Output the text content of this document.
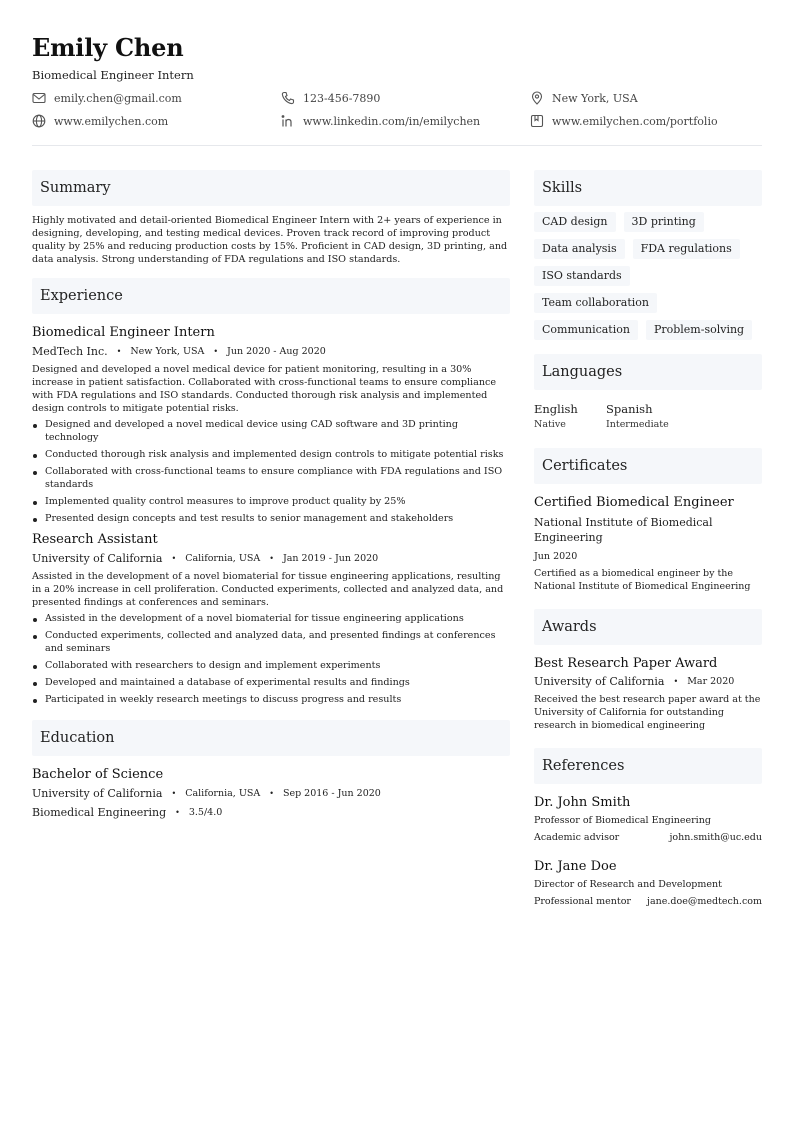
Emily Chen
Biomedical Engineer Intern
emily.chen@gmail.com	123-456-7890	New York, USA
www.emilychen.com	www.linkedin.com/in/emilychen	www.emilychen.com/portfolio
Summary

Highly motivated and detail-oriented Biomedical Engineer Intern with 2+ years of experience in designing, developing, and testing medical devices. Proven track record of improving product quality by 25% and reducing production costs by 15%. Proficient in CAD design, 3D printing, and data analysis. Strong understanding of FDA regulations and ISO standards.

Experience
Biomedical Engineer Intern
MedTech Inc. • New York, USA • Jun 2020 - Aug 2020

Designed and developed a novel medical device for patient monitoring, resulting in a 30% increase in patient satisfaction. Collaborated with cross-functional teams to ensure compliance with FDA regulations and ISO standards. Conducted thorough risk analysis and implemented design controls to mitigate potential risks.

Designed and developed a novel medical device using CAD software and 3D printing technology
Conducted thorough risk analysis and implemented design controls to mitigate potential risks
Collaborated with cross-functional teams to ensure compliance with FDA regulations and ISO standards
Implemented quality control measures to improve product quality by 25%
Presented design concepts and test results to senior management and stakeholders
Research Assistant
University of California • California, USA • Jan 2019 - Jun 2020

Assisted in the development of a novel biomaterial for tissue engineering applications, resulting in a 20% increase in cell proliferation. Conducted experiments, collected and analyzed data, and presented findings at conferences and seminars.

Assisted in the development of a novel biomaterial for tissue engineering applications
Conducted experiments, collected and analyzed data, and presented findings at conferences and seminars
Collaborated with researchers to design and implement experiments
Developed and maintained a database of experimental results and findings
Participated in weekly research meetings to discuss progress and results
Education
Bachelor of Science
University of California • California, USA • Sep 2016 - Jun 2020
Biomedical Engineering • 3.5/4.0
Skills
CAD design	3D printing
Data analysis	FDA regulations
ISO standards
Team collaboration
Communication	Problem-solving
Languages
English
Native
Spanish
Intermediate
Certificates
Certified Biomedical Engineer
National Institute of Biomedical Engineering
Jun 2020
Certified as a biomedical engineer by the National Institute of Biomedical Engineering
Awards
Best Research Paper Award
University of California • Mar 2020
Received the best research paper award at the University of California for outstanding research in biomedical engineering
References
Dr. John Smith
Professor of Biomedical Engineering
Academic advisor	john.smith@uc.edu
Dr. Jane Doe
Director of Research and Development
Professional mentor jane.doe@medtech.com
